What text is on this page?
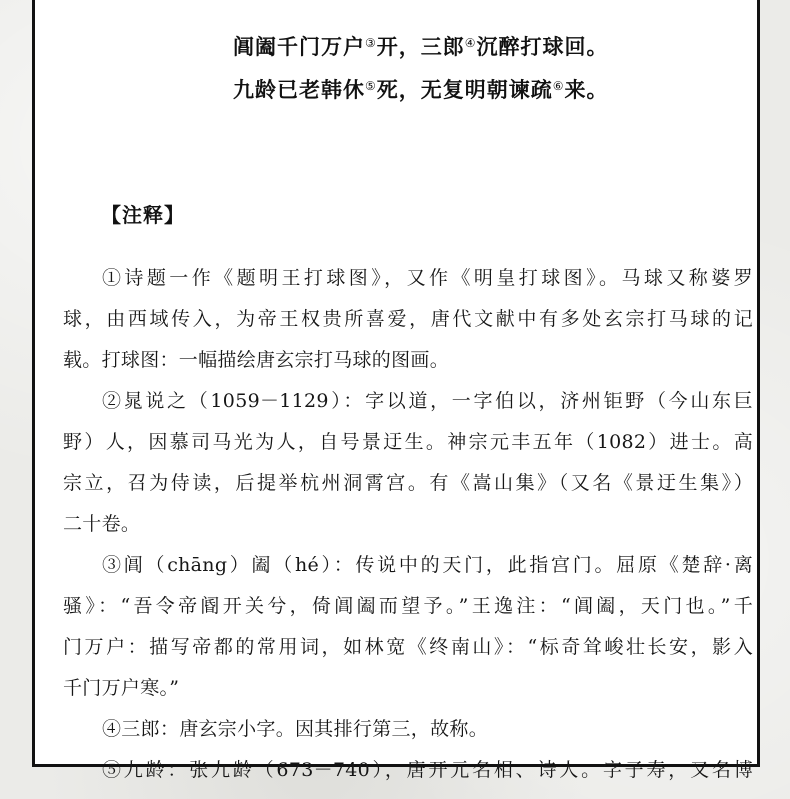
阊阖千门万户③开，三郎④沉醉打球回。
九龄已老韩休⑤死，无复明朝谏疏⑥来。
【注释】
①诗题一作《题明王打球图》，又作《明皇打球图》。马球又称婆罗
球，由西域传入，为帝王权贵所喜爱，唐代文献中有多处玄宗打马球的记
载。打球图：一幅描绘唐玄宗打马球的图画。
②晁说之（1059－1129）：字以道，一字伯以，济州钜野（今山东巨
野）人，因慕司马光为人，自号景迂生。神宗元丰五年（1082）进士。高
宗立，召为侍读，后提举杭州洞霄宫。有《嵩山集》（又名《景迂生集》）
二十卷。
③阊（chāng）阖（hé）：传说中的天门，此指宫门。屈原《楚辞·离
骚》：“吾令帝阍开关兮，倚阊阖而望予。”王逸注：“阊阖，天门也。”千
门万户：描写帝都的常用词，如林宽《终南山》：“标奇耸峻壮长安，影入
千门万户寒。”
④三郎：唐玄宗小字。因其排行第三，故称。
⑤九龄：张九龄（673－740），唐开元名相、诗人。字子寿，又名博
